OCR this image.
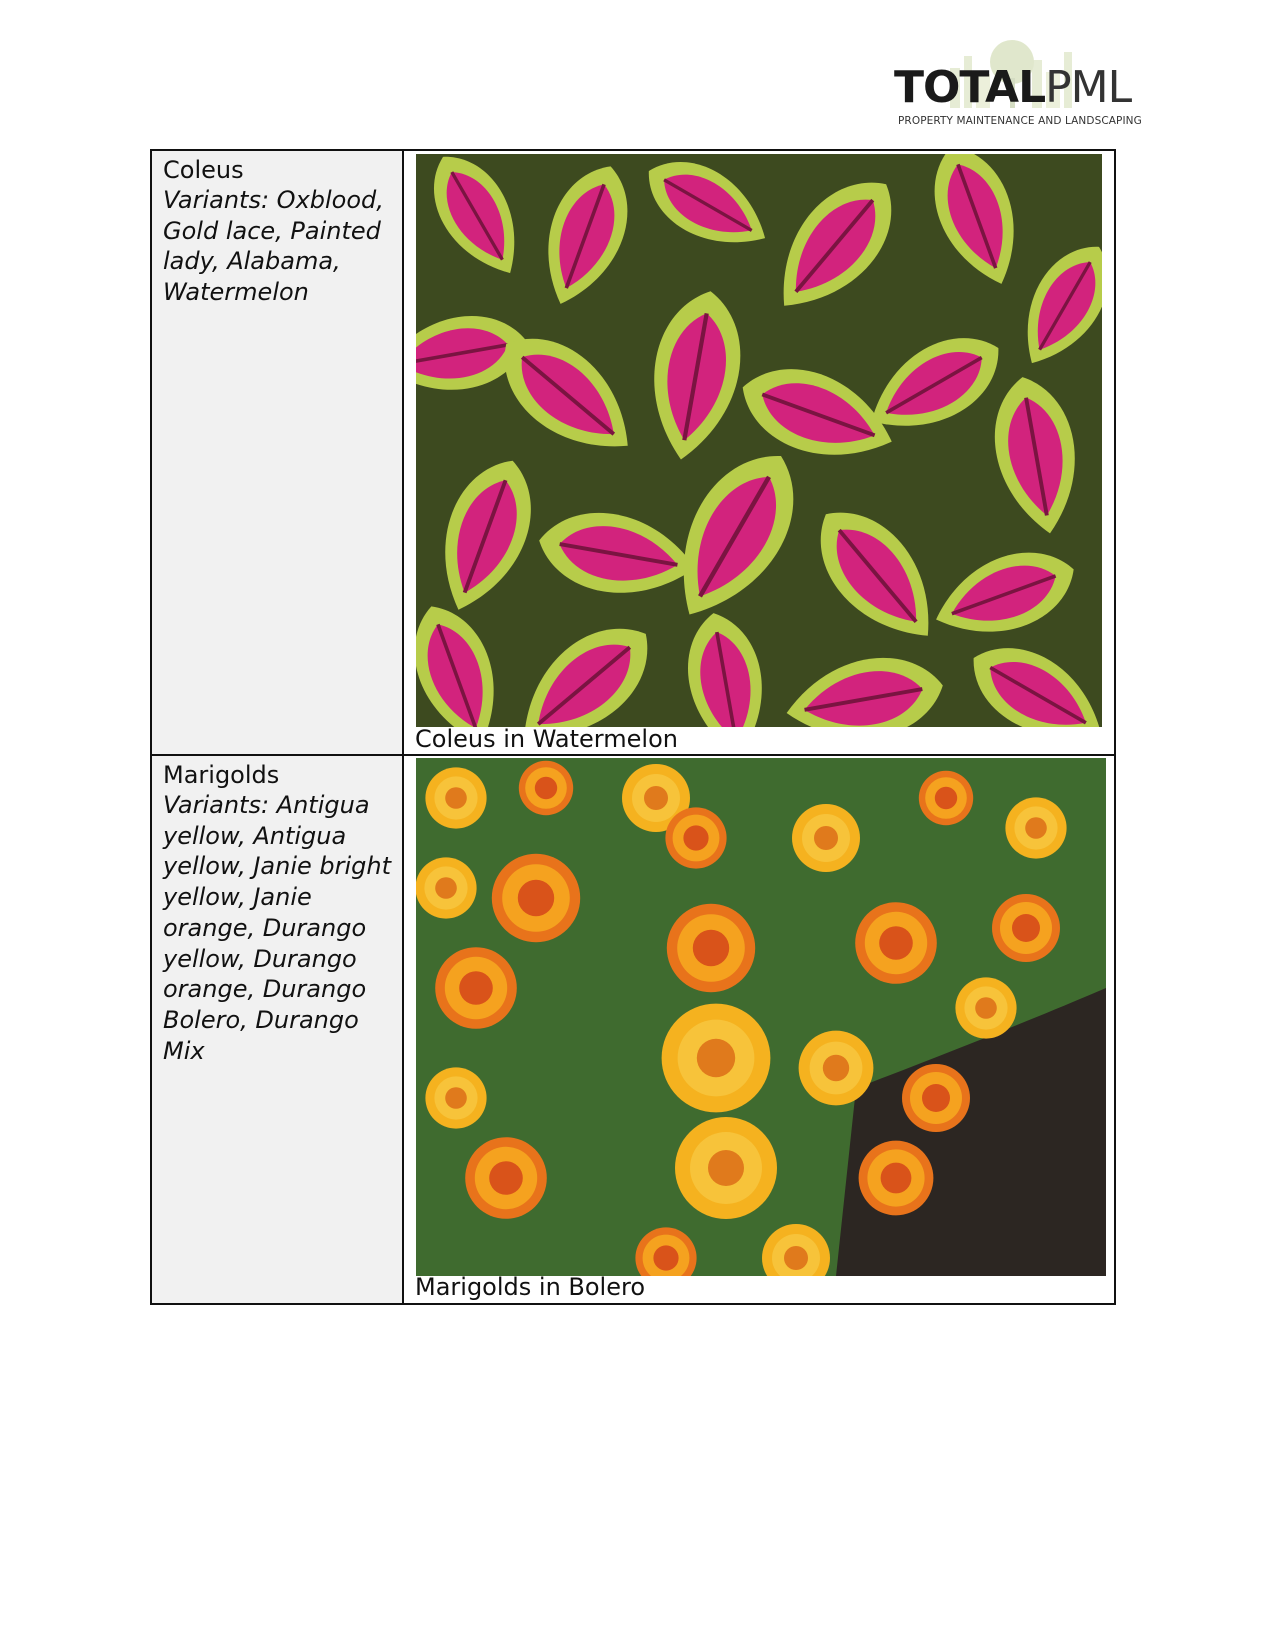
TOTALPML
PROPERTY MAINTENANCE AND LANDSCAPING
Coleus
Variants: Oxblood, Gold lace, Painted lady, Alabama, Watermelon
Coleus in Watermelon
Marigolds
Variants: Antigua yellow, Antigua yellow, Janie bright yellow, Janie orange, Durango yellow, Durango orange, Durango Bolero, Durango Mix
Marigolds in Bolero
